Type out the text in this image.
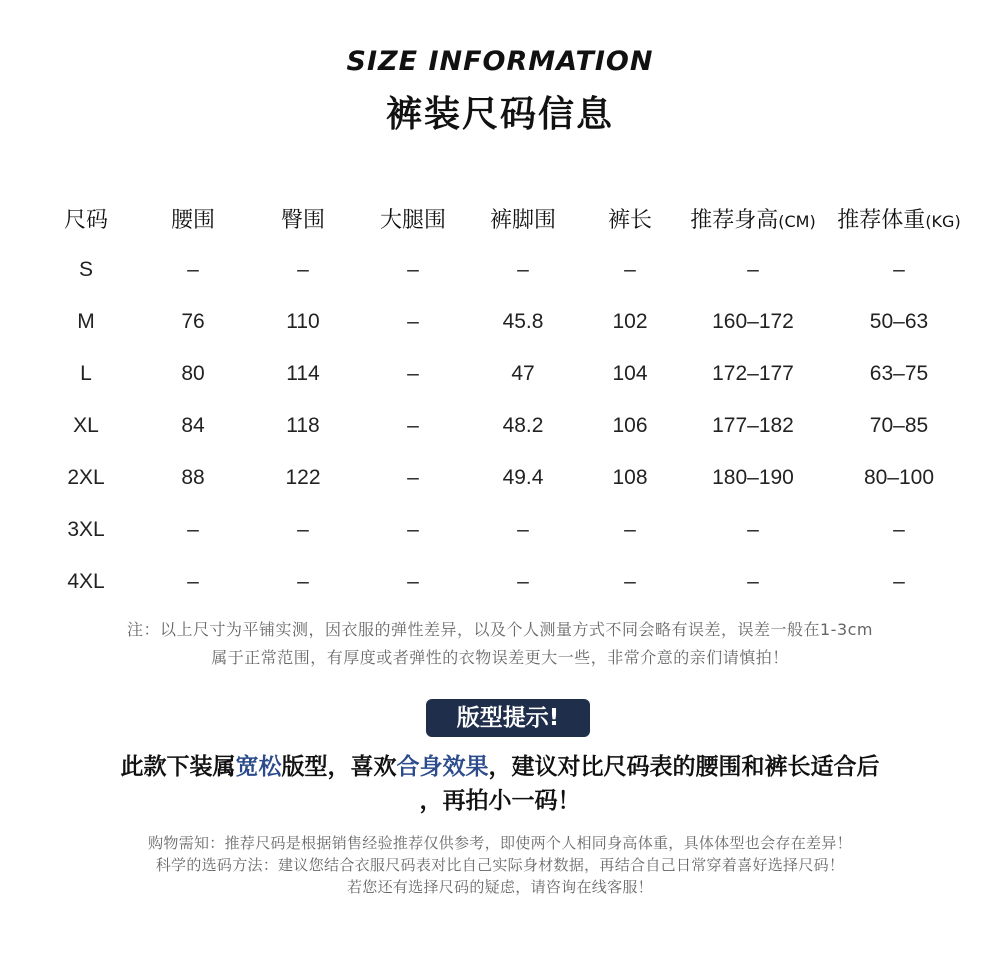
SIZE INFORMATION
裤装尺码信息
尺码	腰围	臀围	大腿围	裤脚围	裤长	推荐身高(CM)	推荐体重(KG)
S	–	–	–	–	–	–	–
M	76	110	–	45.8	102	160–172	50–63
L	80	114	–	47	104	172–177	63–75
XL	84	118	–	48.2	106	177–182	70–85
2XL	88	122	–	49.4	108	180–190	80–100
3XL	–	–	–	–	–	–	–
4XL	–	–	–	–	–	–	–
注：以上尺寸为平铺实测，因衣服的弹性差异，以及个人测量方式不同会略有误差，误差一般在1-3cm
属于正常范围，有厚度或者弹性的衣物误差更大一些，非常介意的亲们请慎拍！
版型提示!
此款下装属宽松版型，喜欢合身效果，建议对比尺码表的腰围和裤长适合后
，再拍小一码！
购物需知：推荐尺码是根据销售经验推荐仅供参考，即使两个人相同身高体重，具体体型也会存在差异！
科学的选码方法：建议您结合衣服尺码表对比自己实际身材数据，再结合自己日常穿着喜好选择尺码！
若您还有选择尺码的疑虑，请咨询在线客服！
